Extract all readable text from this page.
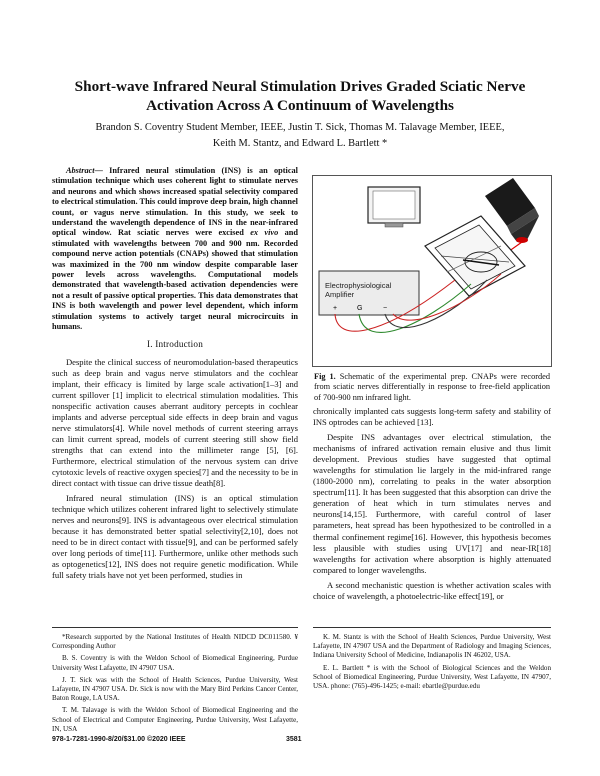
Short-wave Infrared Neural Stimulation Drives Graded Sciatic Nerve Activation Across A Continuum of Wavelengths
Brandon S. Coventry Student Member, IEEE, Justin T. Sick, Thomas M. Talavage Member, IEEE,
Keith M. Stantz, and Edward L. Bartlett *

Abstract— Infrared neural stimulation (INS) is an optical stimulation technique which uses coherent light to stimulate nerves and neurons and which shows increased spatial selectivity compared to electrical stimulation. This could improve deep brain, high channel count, or vagus nerve stimulation. In this study, we seek to understand the wavelength dependence of INS in the near-infrared optical window. Rat sciatic nerves were excised ex vivo and stimulated with wavelengths between 700 and 900 nm. Recorded compound nerve action potentials (CNAPs) showed that stimulation was maximized in the 700 nm window despite comparable laser power levels across wavelengths. Computational models demonstrated that wavelength-based activation dependencies were not a result of passive optical properties. This data demonstrates that INS is both wavelength and power level dependent, which inform stimulation systems to actively target neural microcircuits in humans.

I. Introduction

Despite the clinical success of neuromodulation-based therapeutics such as deep brain and vagus nerve stimulators and the cochlear implant, their efficacy is limited by large scale activation[1–3] and current spillover [1] implicit to electrical stimulation modalities. This nonspecific activation causes aberrant auditory percepts in cochlear implants and adverse perceptual side effects in deep brain and vagus nerve stimulators[4]. While novel methods of current steering arrays can limit current spread, models of current steering still show field strengths that can extend into the millimeter range [5], [6]. Furthermore, electrical stimulation of the nervous system can drive cytotoxic levels of reactive oxygen species[7] and the necessity to be in direct contact with tissue can drive tissue death[8].

Infrared neural stimulation (INS) is an optical stimulation technique which utilizes coherent infrared light to selectively stimulate nerves and neurons[9]. INS is advantageous over electrical stimulation because it has demonstrated better spatial selectivity[2,10], does not need to be in direct contact with tissue[9], and can be performed safely over long periods of time[11]. Furthermore, unlike other methods such as optogenetics[12], INS does not require genetic modification. While full safety trials have not yet been performed, studies in

Electrophysiological
Amplifier
+	G	−
Fig 1. Schematic of the experimental prep. CNAPs were recorded from sciatic nerves differentially in response to free-field application of 700-900 nm infrared light.

chronically implanted cats suggests long-term safety and stability of INS optrodes can be achieved [13].

Despite INS advantages over electrical stimulation, the mechanisms of infrared activation remain elusive and thus limit development. Previous studies have suggested that optimal wavelengths for stimulation lie largely in the mid-infrared range (1800-2000 nm), correlating to peaks in the water absorption spectrum[11]. It has been suggested that this absorption can drive the generation of heat which in turn stimulates nerves and neurons[14,15]. Furthermore, with careful control of laser parameters, heat spread has been hypothesized to be controlled in a thermal confinement regime[16]. However, this hypothesis becomes less plausible with studies using UV[17] and near-IR[18] wavelengths for activation where absorption is highly attenuated compared to longer wavelengths.

A second mechanistic question is whether activation scales with choice of wavelength, a photoelectric-like effect[19], or

*Research supported by the National Institutes of Health NIDCD DC011580. ¥ Corresponding Author

B. S. Coventry is with the Weldon School of Biomedical Engineering, Purdue University West Lafayette, IN 47907 USA.

J. T. Sick was with the School of Health Sciences, Purdue University, West Lafayette, IN 47907 USA. Dr. Sick is now with the Mary Bird Perkins Cancer Center, Baton Rouge, LA USA.

T. M. Talavage is with the Weldon School of Biomedical Engineering and the School of Electrical and Computer Engineering, Purdue University, West Lafayette, IN, USA

K. M. Stantz is with the School of Health Sciences, Purdue University, West Lafayette, IN 47907 USA and the Department of Radiology and Imaging Sciences, Indiana University School of Medicine, Indianapolis IN 46202, USA.

E. L. Bartlett * is with the School of Biological Sciences and the Weldon School of Biomedical Engineering, Purdue University, West Lafayette, IN 47907, USA. phone: (765)-496-1425; e-mail: ebartle@purdue.edu

978-1-7281-1990-8/20/$31.00 ©2020 IEEE	3581
